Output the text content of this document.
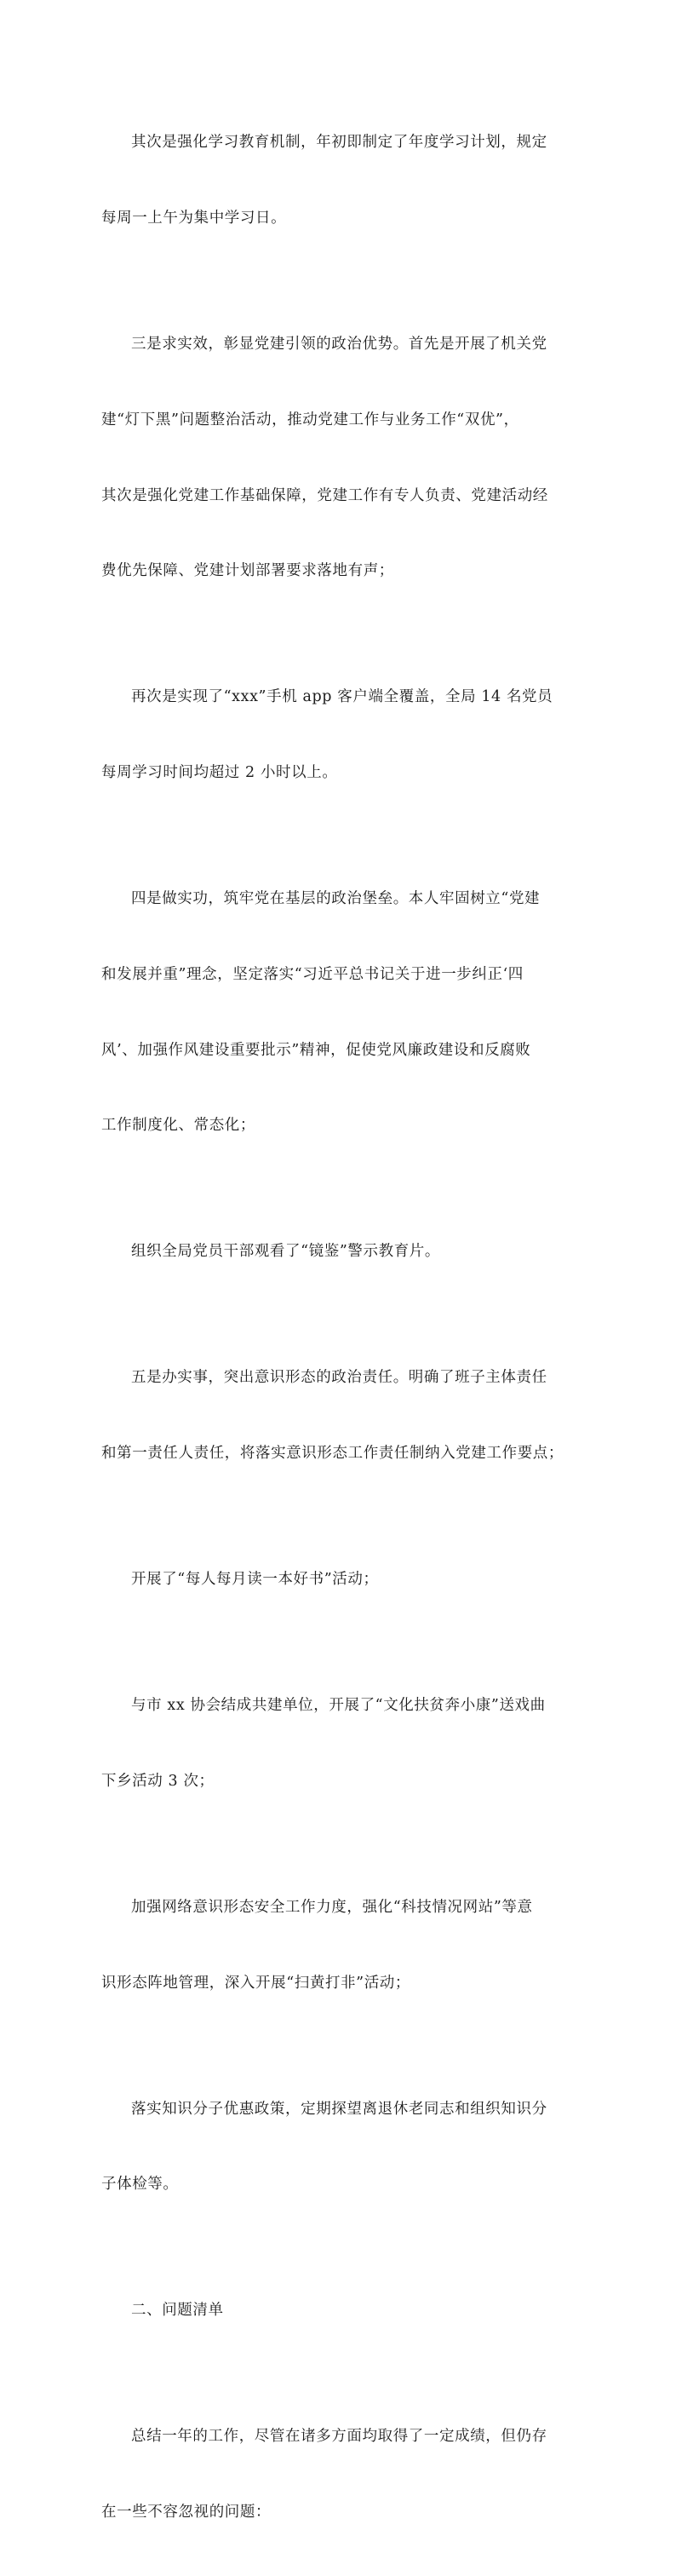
其次是强化学习教育机制，年初即制定了年度学习计划，规定

每周一上午为集中学习日。

三是求实效，彰显党建引领的政治优势。首先是开展了机关党

建“灯下黑”问题整治活动，推动党建工作与业务工作“双优”，

其次是强化党建工作基础保障，党建工作有专人负责、党建活动经

费优先保障、党建计划部署要求落地有声；

再次是实现了“xxx”手机 app 客户端全覆盖，全局 14 名党员

每周学习时间均超过 2 小时以上。

四是做实功，筑牢党在基层的政治堡垒。本人牢固树立“党建

和发展并重”理念，坚定落实“习近平总书记关于进一步纠正‘四

风’、加强作风建设重要批示”精神，促使党风廉政建设和反腐败

工作制度化、常态化；

组织全局党员干部观看了“镜鉴”警示教育片。

五是办实事，突出意识形态的政治责任。明确了班子主体责任

和第一责任人责任，将落实意识形态工作责任制纳入党建工作要点；

开展了“每人每月读一本好书”活动；

与市 xx 协会结成共建单位，开展了“文化扶贫奔小康”送戏曲

下乡活动 3 次；

加强网络意识形态安全工作力度，强化“科技情况网站”等意

识形态阵地管理，深入开展“扫黄打非”活动；

落实知识分子优惠政策，定期探望离退休老同志和组织知识分

子体检等。

二、问题清单

总结一年的工作，尽管在诸多方面均取得了一定成绩，但仍存

在一些不容忽视的问题：
